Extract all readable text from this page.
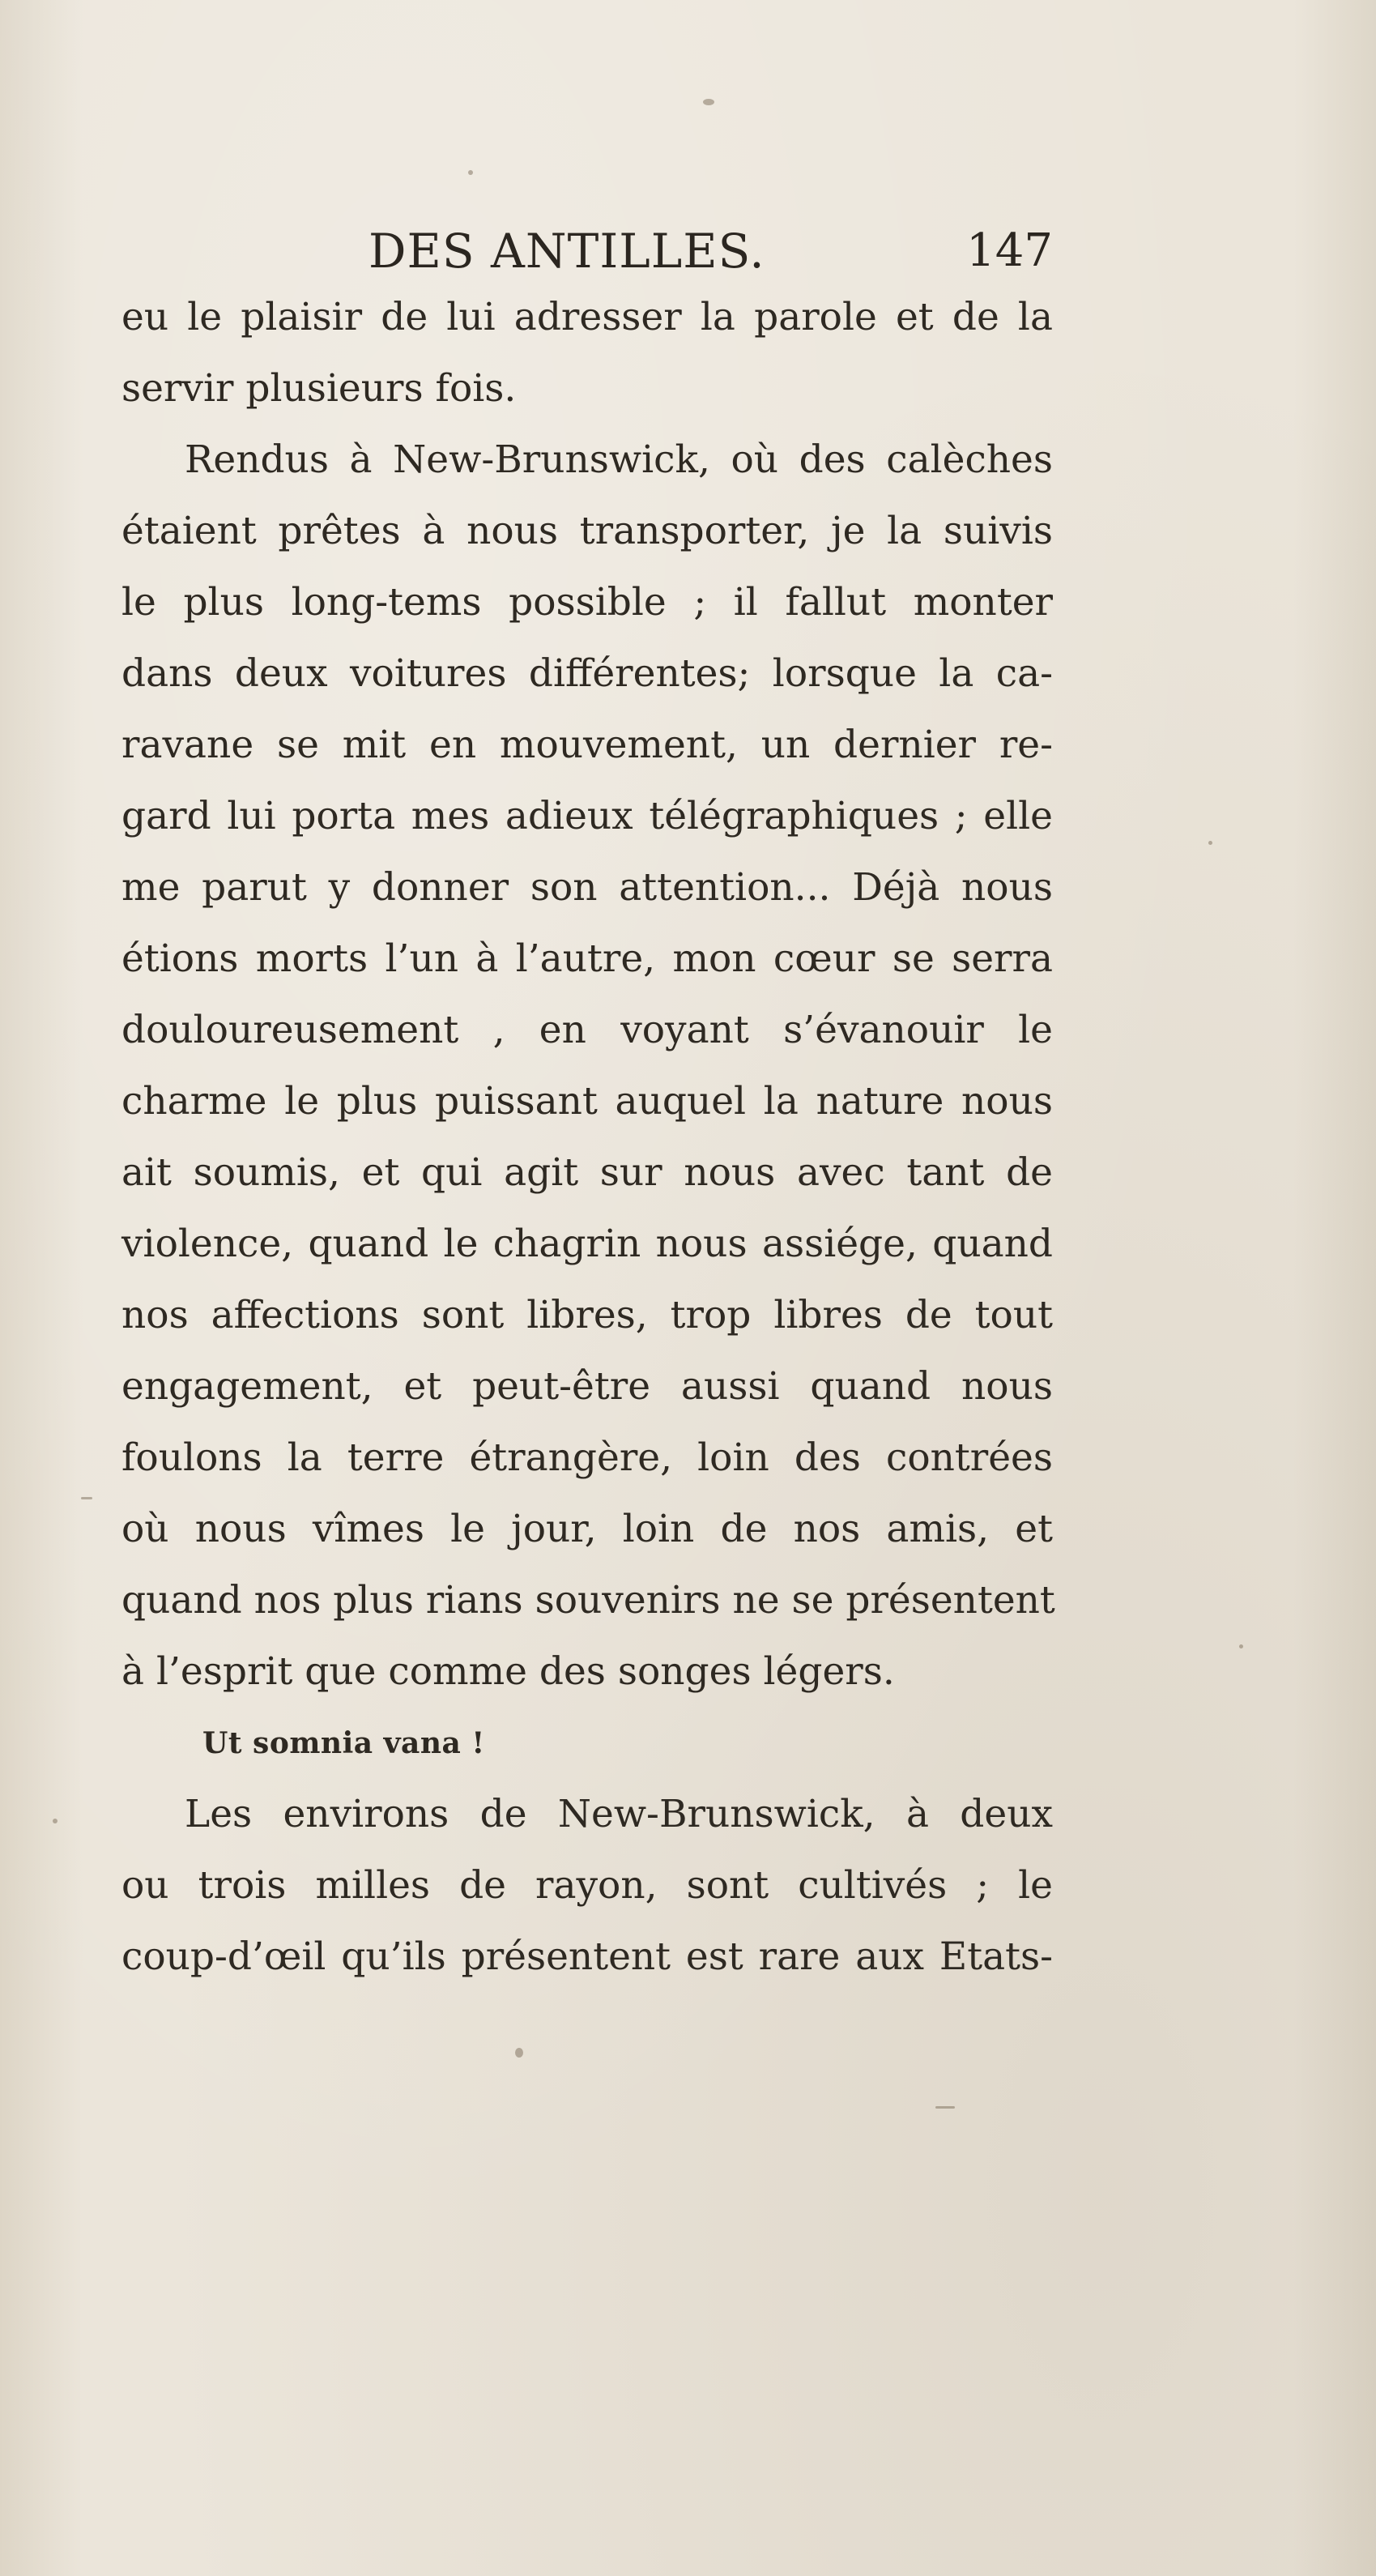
DES ANTILLES.	147
eu le plaisir de lui adresser la parole et de la
servir plusieurs fois.
Rendus à New-Brunswick, où des calèches
étaient prêtes à nous transporter, je la suivis
le plus long-tems possible ; il fallut monter
dans deux voitures différentes; lorsque la ca-
ravane se mit en mouvement, un dernier re-
gard lui porta mes adieux télégraphiques ; elle
me parut y donner son attention... Déjà nous
étions morts l’un à l’autre, mon cœur se serra
douloureusement , en voyant s’évanouir le
charme le plus puissant auquel la nature nous
ait soumis, et qui agit sur nous avec tant de
violence, quand le chagrin nous assiége, quand
nos affections sont libres, trop libres de tout
engagement, et peut-être aussi quand nous
foulons la terre étrangère, loin des contrées
où nous vîmes le jour, loin de nos amis, et
quand nos plus rians souvenirs ne se présentent
à l’esprit que comme des songes légers.
Ut somnia vana !
Les environs de New-Brunswick, à deux
ou trois milles de rayon, sont cultivés ; le
coup-d’œil qu’ils présentent est rare aux Etats-
